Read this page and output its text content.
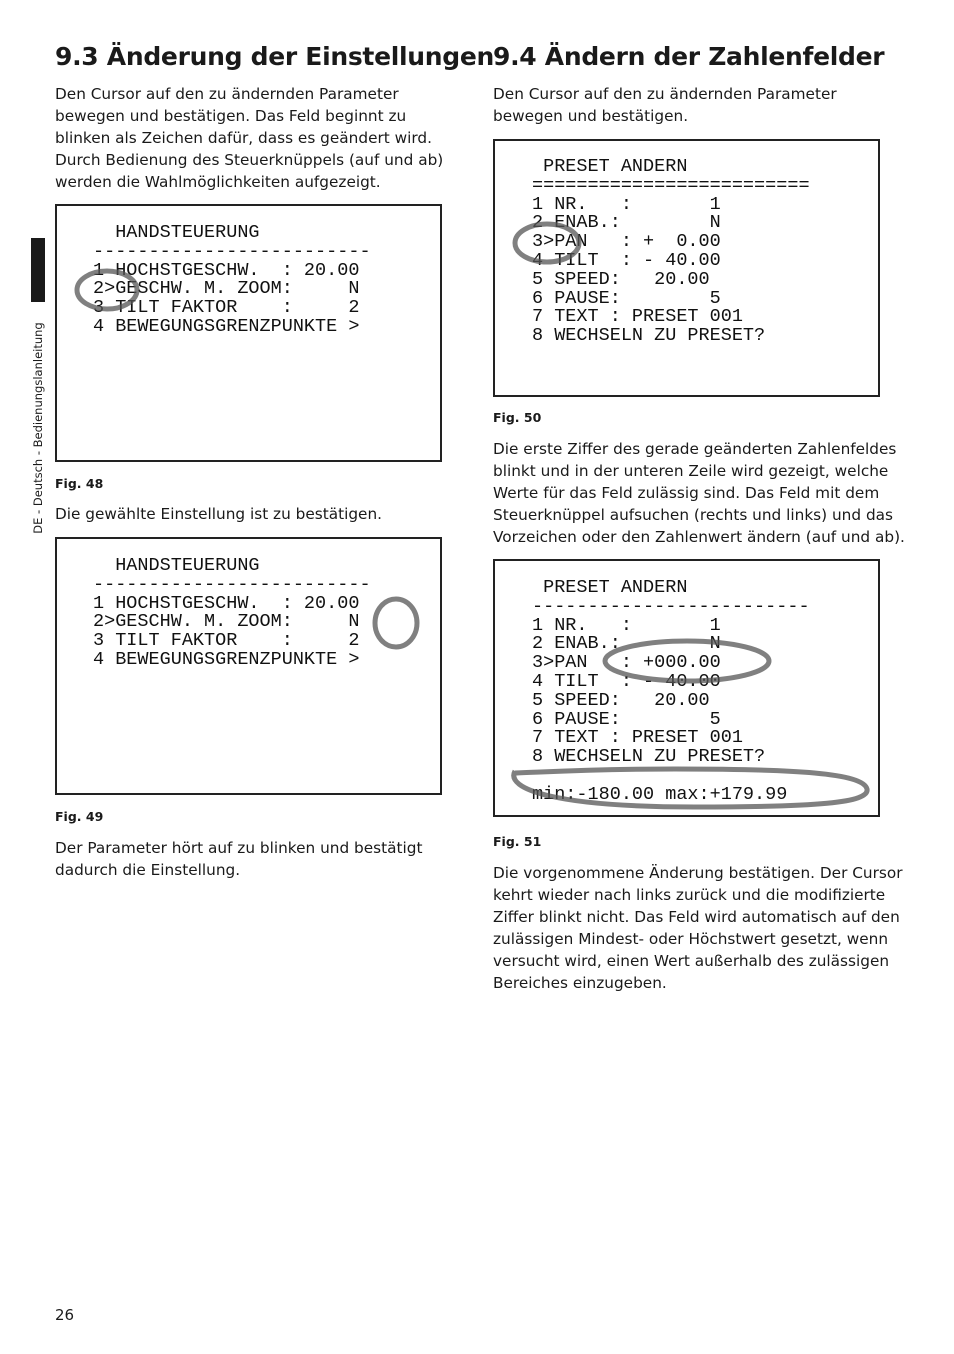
DE - Deutsch - Bedienungslanleitung
9.3 Änderung der Einstellungen

Den Cursor auf den zu ändernden Parameter bewegen und bestätigen. Das Feld beginnt zu blinken als Zeichen dafür, dass es geändert wird. Durch Bedienung des Steuerknüppels (auf und ab) werden die Wahlmöglichkeiten aufgezeigt.

HANDSTEUERUNG
-------------------------
1 HOCHSTGESCHW.  : 20.00
2>GESCHW. M. ZOOM:     N
3 TILT FAKTOR    :     2
4 BEWEGUNGSGRENZPUNKTE >
Fig. 48

Die gewählte Einstellung ist zu bestätigen.

HANDSTEUERUNG
-------------------------
1 HOCHSTGESCHW.  : 20.00
2>GESCHW. M. ZOOM:     N
3 TILT FAKTOR    :     2
4 BEWEGUNGSGRENZPUNKTE >
Fig. 49

Der Parameter hört auf zu blinken und bestätigt dadurch die Einstellung.

9.4 Ändern der Zahlenfelder

Den Cursor auf den zu ändernden Parameter bewegen und bestätigen.

PRESET ANDERN
=========================
1 NR.   :       1
2 ENAB.:        N
3>PAN   : +  0.00
4 TILT  : - 40.00
5 SPEED:   20.00
6 PAUSE:        5
7 TEXT : PRESET 001
8 WECHSELN ZU PRESET?
Fig. 50

Die erste Ziffer des gerade geänderten Zahlenfeldes blinkt und in der unteren Zeile wird gezeigt, welche Werte für das Feld zulässig sind. Das Feld mit dem Steuerknüppel aufsuchen (rechts und links) und das Vorzeichen oder den Zahlenwert ändern (auf und ab).

PRESET ANDERN
-------------------------
1 NR.   :       1
2 ENAB.:        N
3>PAN   : +000.00
4 TILT  : - 40.00
5 SPEED:   20.00
6 PAUSE:        5
7 TEXT : PRESET 001
8 WECHSELN ZU PRESET?

min:-180.00 max:+179.99
Fig. 51

Die vorgenommene Änderung bestätigen. Der Cursor kehrt wieder nach links zurück und die modifizierte Ziffer blinkt nicht. Das Feld wird automatisch auf den zulässigen Mindest- oder Höchstwert gesetzt, wenn versucht wird, einen Wert außerhalb des zulässigen Bereiches einzugeben.

26
